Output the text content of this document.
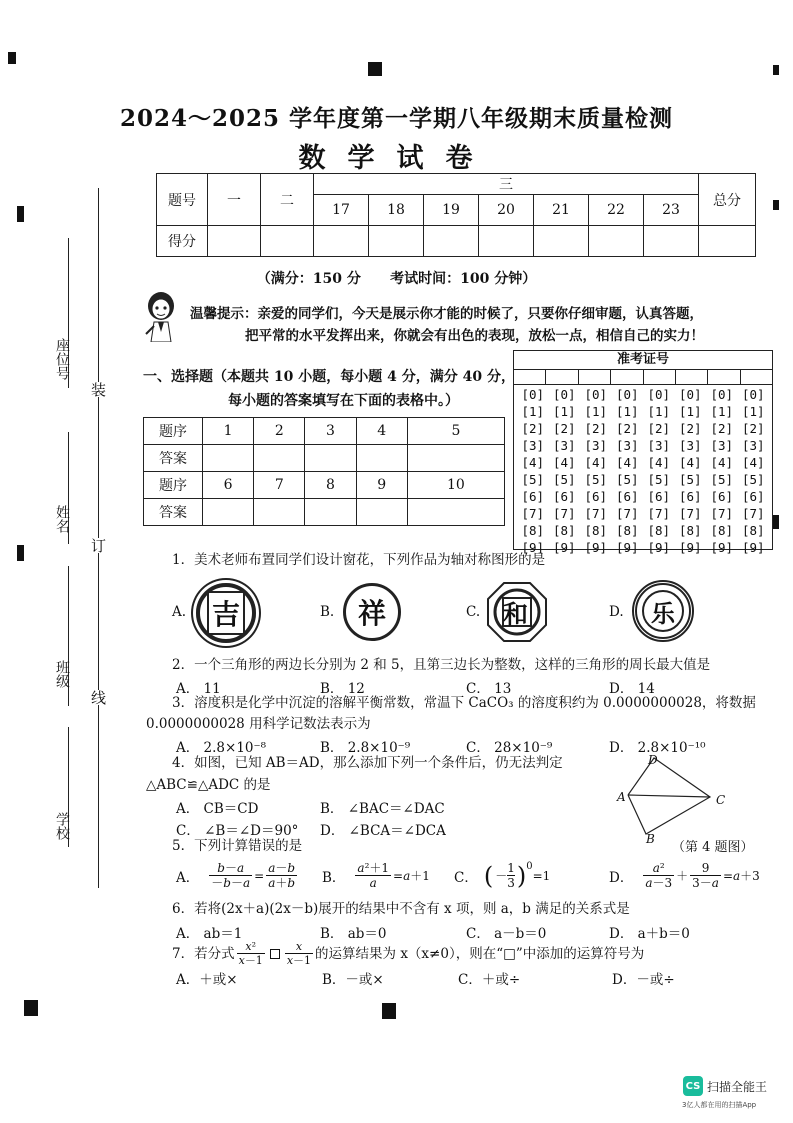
2024～2025 学年度第一学期八年级期末质量检测
数学试卷
题号	一	二	三							总分
			17	18	19	20	21	22	23	
得分										
（满分：150 分      考试时间：100 分钟）
温馨提示：亲爱的同学们，今天是展示你才能的时候了，只要你仔细审题，认真答题，
把平常的水平发挥出来，你就会有出色的表现，放松一点，相信自己的实力！
装
订
线
座位号
姓名
班级
学校
一、选择题（本题共 10 小题，每小题 4 分，满分 40 分，
每小题的答案填写在下面的表格中。）
题序	1	2	3	4	5
答案					
题序	6	7	8	9	10
答案					
准考证号
[0] [0] [0] [0] [0] [0] [0] [0]
[1] [1] [1] [1] [1] [1] [1] [1]
[2] [2] [2] [2] [2] [2] [2] [2]
[3] [3] [3] [3] [3] [3] [3] [3]
[4] [4] [4] [4] [4] [4] [4] [4]
[5] [5] [5] [5] [5] [5] [5] [5]
[6] [6] [6] [6] [6] [6] [6] [6]
[7] [7] [7] [7] [7] [7] [7] [7]
[8] [8] [8] [8] [8] [8] [8] [8]
[9] [9] [9] [9] [9] [9] [9] [9]
1．美术老师布置同学们设计窗花，下列作品为轴对称图形的是
A. 吉	B. 祥	C. 和	D.	乐
2．一个三角形的两边长分别为 2 和 5，且第三边长为整数，这样的三角形的周长最大值是
A． 11	B． 12	C． 13	D． 14
3．溶度积是化学中沉淀的溶解平衡常数，常温下 CaCO₃ 的溶度积约为 0.0000000028，将数据
0.0000000028 用科学记数法表示为
A． 2.8×10⁻⁸	B． 2.8×10⁻⁹	C． 28×10⁻⁹	D． 2.8×10⁻¹⁰
4．如图，已知 AB＝AD，那么添加下列一个条件后，仍无法判定
△ABC≌△ADC 的是
A． CB＝CD	B． ∠BAC＝∠DAC
C． ∠B＝∠D＝90° D． ∠BCA＝∠DCA
D
A	C
B
（第 4 题图）
5．下列计算错误的是
A． $\frac{b-a}{-b-a} = \frac{a-b}{a+b}$ B． $\frac{\text{a²＋1}}{a} =a+1$ C． ( －
1
3 )$^0$
=1	D． $\frac{\text{a²}}{a-3} + \frac{9}{3-a} =a+3$
6．若将(2x＋a)(2x－b)展开的结果中不含有 x 项，则 a，b 满足的关系式是
A． ab＝1	B． ab＝0	C． a－b＝0	D． a＋b＝0
7．若分式 $\frac{\text{x²}}{x-1} \frac{x}{x-1}$ 的运算结果为 x（x≠0），则在“□”中添加的运算符号为
A．＋或×	B．－或×	C．＋或÷	D．－或÷
CS 扫描全能王
3亿人都在用的扫描App
